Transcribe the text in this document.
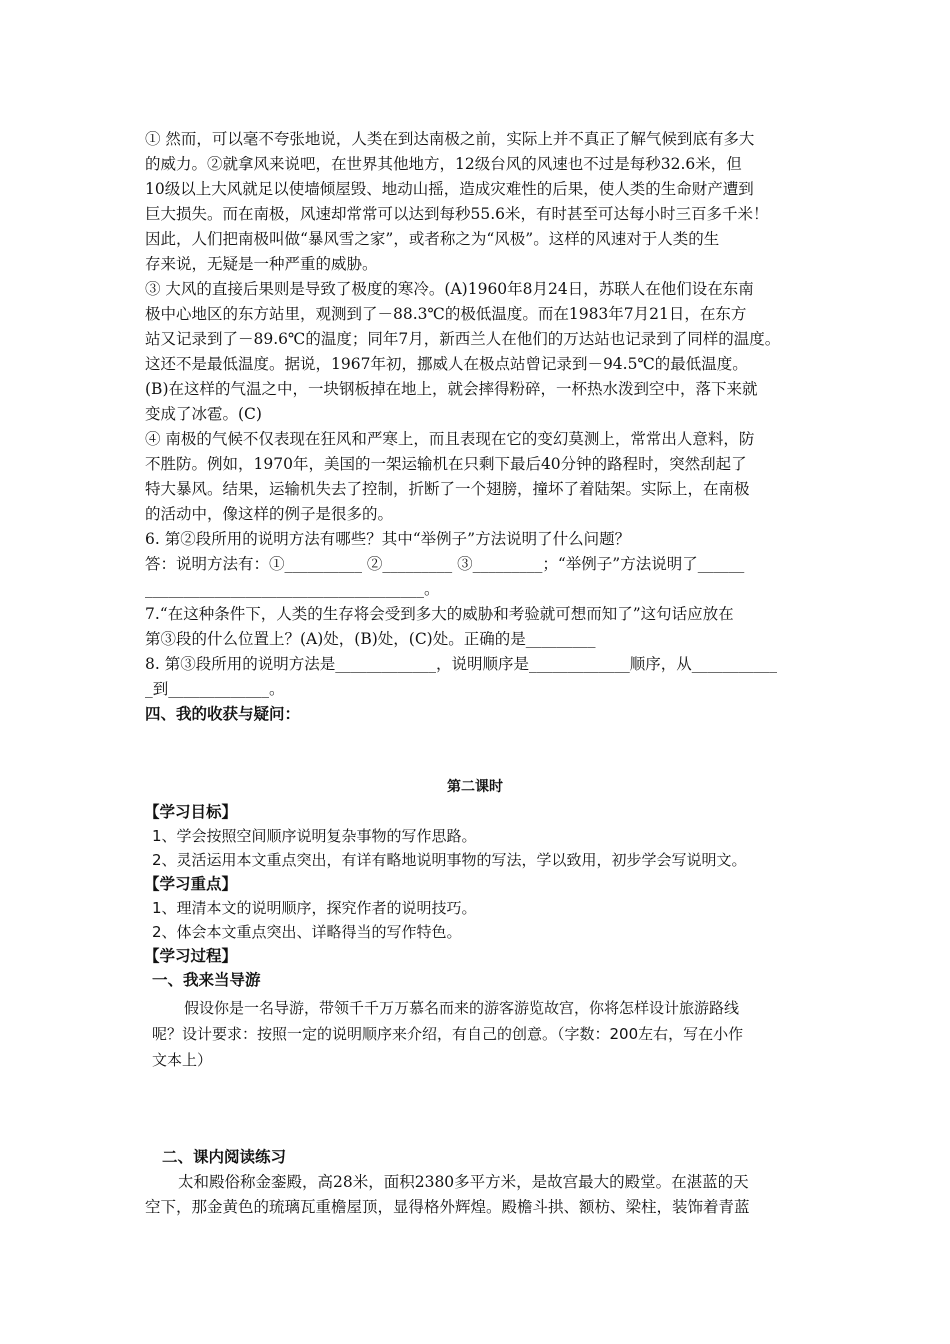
① 然而，可以毫不夸张地说，人类在到达南极之前，实际上并不真正了解气候到底有多大
的威力。②就拿风来说吧，在世界其他地方，12级台风的风速也不过是每秒32.6米，但
10级以上大风就足以使墙倾屋毁、地动山摇，造成灾难性的后果，使人类的生命财产遭到
巨大损失。而在南极，风速却常常可以达到每秒55.6米，有时甚至可达每小时三百多千米！
因此，人们把南极叫做“暴风雪之家”，或者称之为“风极”。这样的风速对于人类的生
存来说，无疑是一种严重的威胁。
③ 大风的直接后果则是导致了极度的寒冷。(A)1960年8月24日，苏联人在他们设在东南
极中心地区的东方站里，观测到了－88.3℃的极低温度。而在1983年7月21日，在东方
站又记录到了－89.6℃的温度；同年7月，新西兰人在他们的万达站也记录到了同样的温度。
这还不是最低温度。据说，1967年初，挪威人在极点站曾记录到－94.5℃的最低温度。
(B)在这样的气温之中，一块钢板掉在地上，就会摔得粉碎，一杯热水泼到空中，落下来就
变成了冰雹。(C)
④ 南极的气候不仅表现在狂风和严寒上，而且表现在它的变幻莫测上，常常出人意料，防
不胜防。例如，1970年，美国的一架运输机在只剩下最后40分钟的路程时，突然刮起了
特大暴风。结果，运输机失去了控制，折断了一个翅膀，撞坏了着陆架。实际上，在南极
的活动中，像这样的例子是很多的。
6. 第②段所用的说明方法有哪些？其中“举例子”方法说明了什么问题？
答：说明方法有：①__________ ②_________ ③_________；“举例子”方法说明了______
____________________________________。
7.“在这种条件下，人类的生存将会受到多大的威胁和考验就可想而知了”这句话应放在
第③段的什么位置上？(A)处，(B)处，(C)处。正确的是_________
8. 第③段所用的说明方法是_____________，说明顺序是_____________顺序，从___________
_到_____________。
四、我的收获与疑问：
第二课时
【学习目标】
1、学会按照空间顺序说明复杂事物的写作思路。
2、灵活运用本文重点突出，有详有略地说明事物的写法，学以致用，初步学会写说明文。
【学习重点】
1、理清本文的说明顺序，探究作者的说明技巧。
2、体会本文重点突出、详略得当的写作特色。
【学习过程】
一、我来当导游
假设你是一名导游，带领千千万万慕名而来的游客游览故宫，你将怎样设计旅游路线
呢？设计要求：按照一定的说明顺序来介绍，有自己的创意。（字数：200左右，写在小作
文本上）
二、课内阅读练习
太和殿俗称金銮殿，高28米，面积2380多平方米，是故宫最大的殿堂。在湛蓝的天
空下，那金黄色的琉璃瓦重檐屋顶，显得格外辉煌。殿檐斗拱、额枋、梁柱，装饰着青蓝
